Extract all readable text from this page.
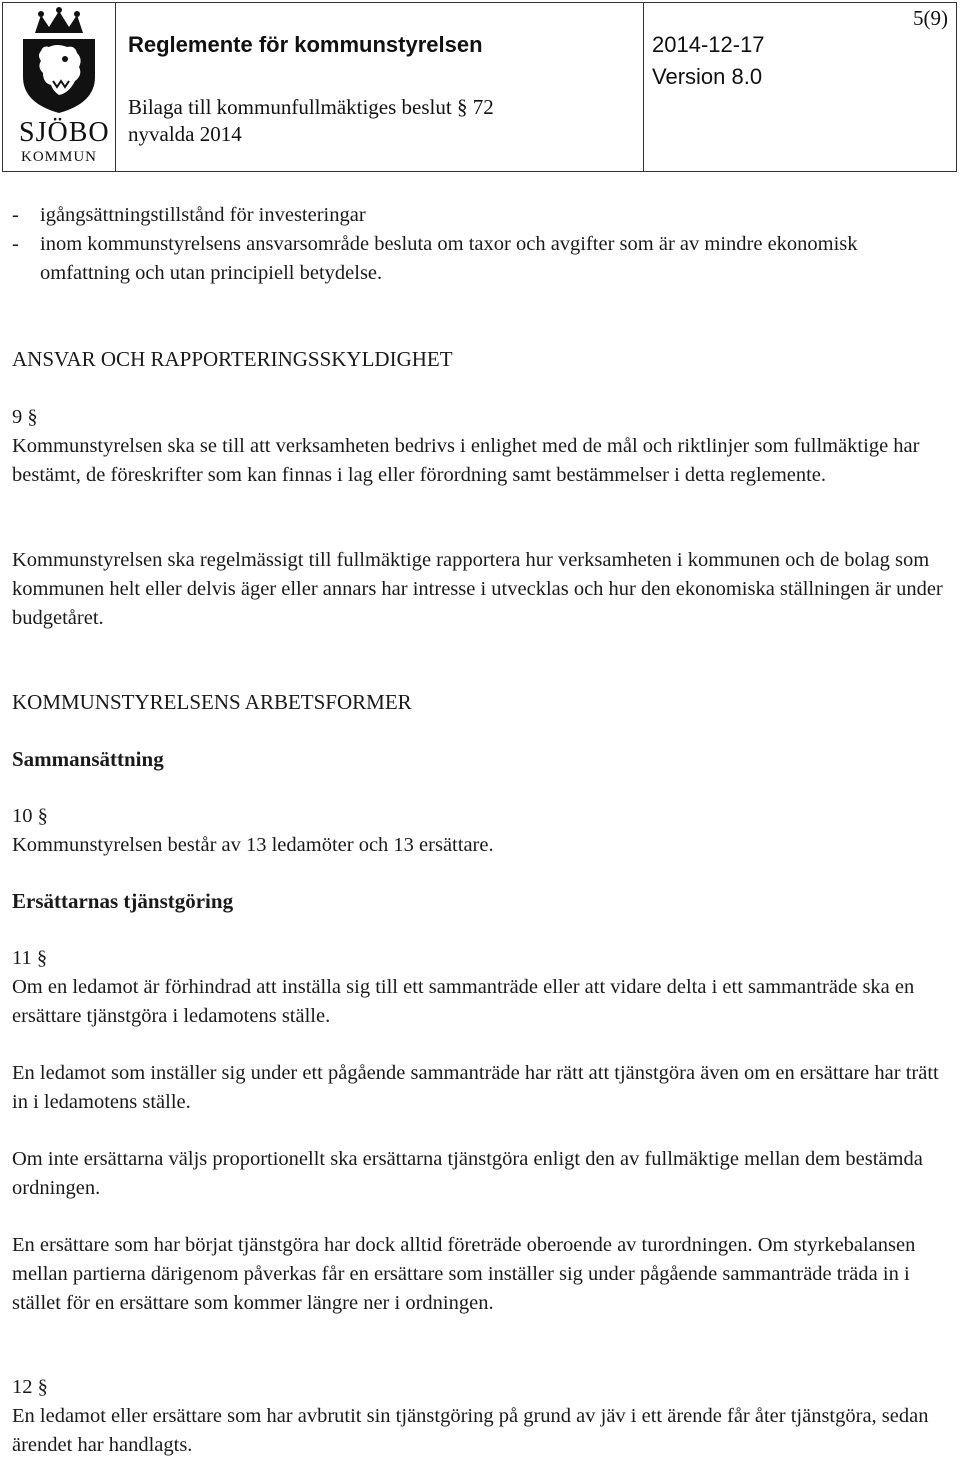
SJÖBO
KOMMUN
Reglemente för kommunstyrelsen	2014-12-17
Version 8.0
5(9)
Bilaga till kommunfullmäktiges beslut § 72
nyvalda 2014

- igångsättningstillstånd för investeringar

- inom kommunstyrelsens ansvarsområde besluta om taxor och avgifter som är av mindre ekonomisk omfattning och utan principiell betydelse.

ANSVAR OCH RAPPORTERINGSSKYLDIGHET

9 §

Kommunstyrelsen ska se till att verksamheten bedrivs i enlighet med de mål och riktlinjer som fullmäktige har bestämt, de föreskrifter som kan finnas i lag eller förordning samt bestämmelser i detta reglemente.

Kommunstyrelsen ska regelmässigt till fullmäktige rapportera hur verksamheten i kommunen och de bolag som kommunen helt eller delvis äger eller annars har intresse i utvecklas och hur den ekonomiska ställningen är under budgetåret.
KOMMUNSTYRELSENS ARBETSFORMER
Sammansättning

10 §

Kommunstyrelsen består av 13 ledamöter och 13 ersättare.

Ersättarnas tjänstgöring

11 §

Om en ledamot är förhindrad att inställa sig till ett sammanträde eller att vidare delta i ett sammanträde ska en ersättare tjänstgöra i ledamotens ställe.

En ledamot som inställer sig under ett pågående sammanträde har rätt att tjänstgöra även om en ersättare har trätt in i ledamotens ställe.
Om inte ersättarna väljs proportionellt ska ersättarna tjänstgöra enligt den av fullmäktige mellan dem bestämda ordningen.
En ersättare som har börjat tjänstgöra har dock alltid företräde oberoende av turordningen. Om styrkebalansen mellan partierna därigenom påverkas får en ersättare som inställer sig under pågående sammanträde träda in i stället för en ersättare som kommer längre ner i ordningen.

12 §

En ledamot eller ersättare som har avbrutit sin tjänstgöring på grund av jäv i ett ärende får åter tjänstgöra, sedan ärendet har handlagts.
